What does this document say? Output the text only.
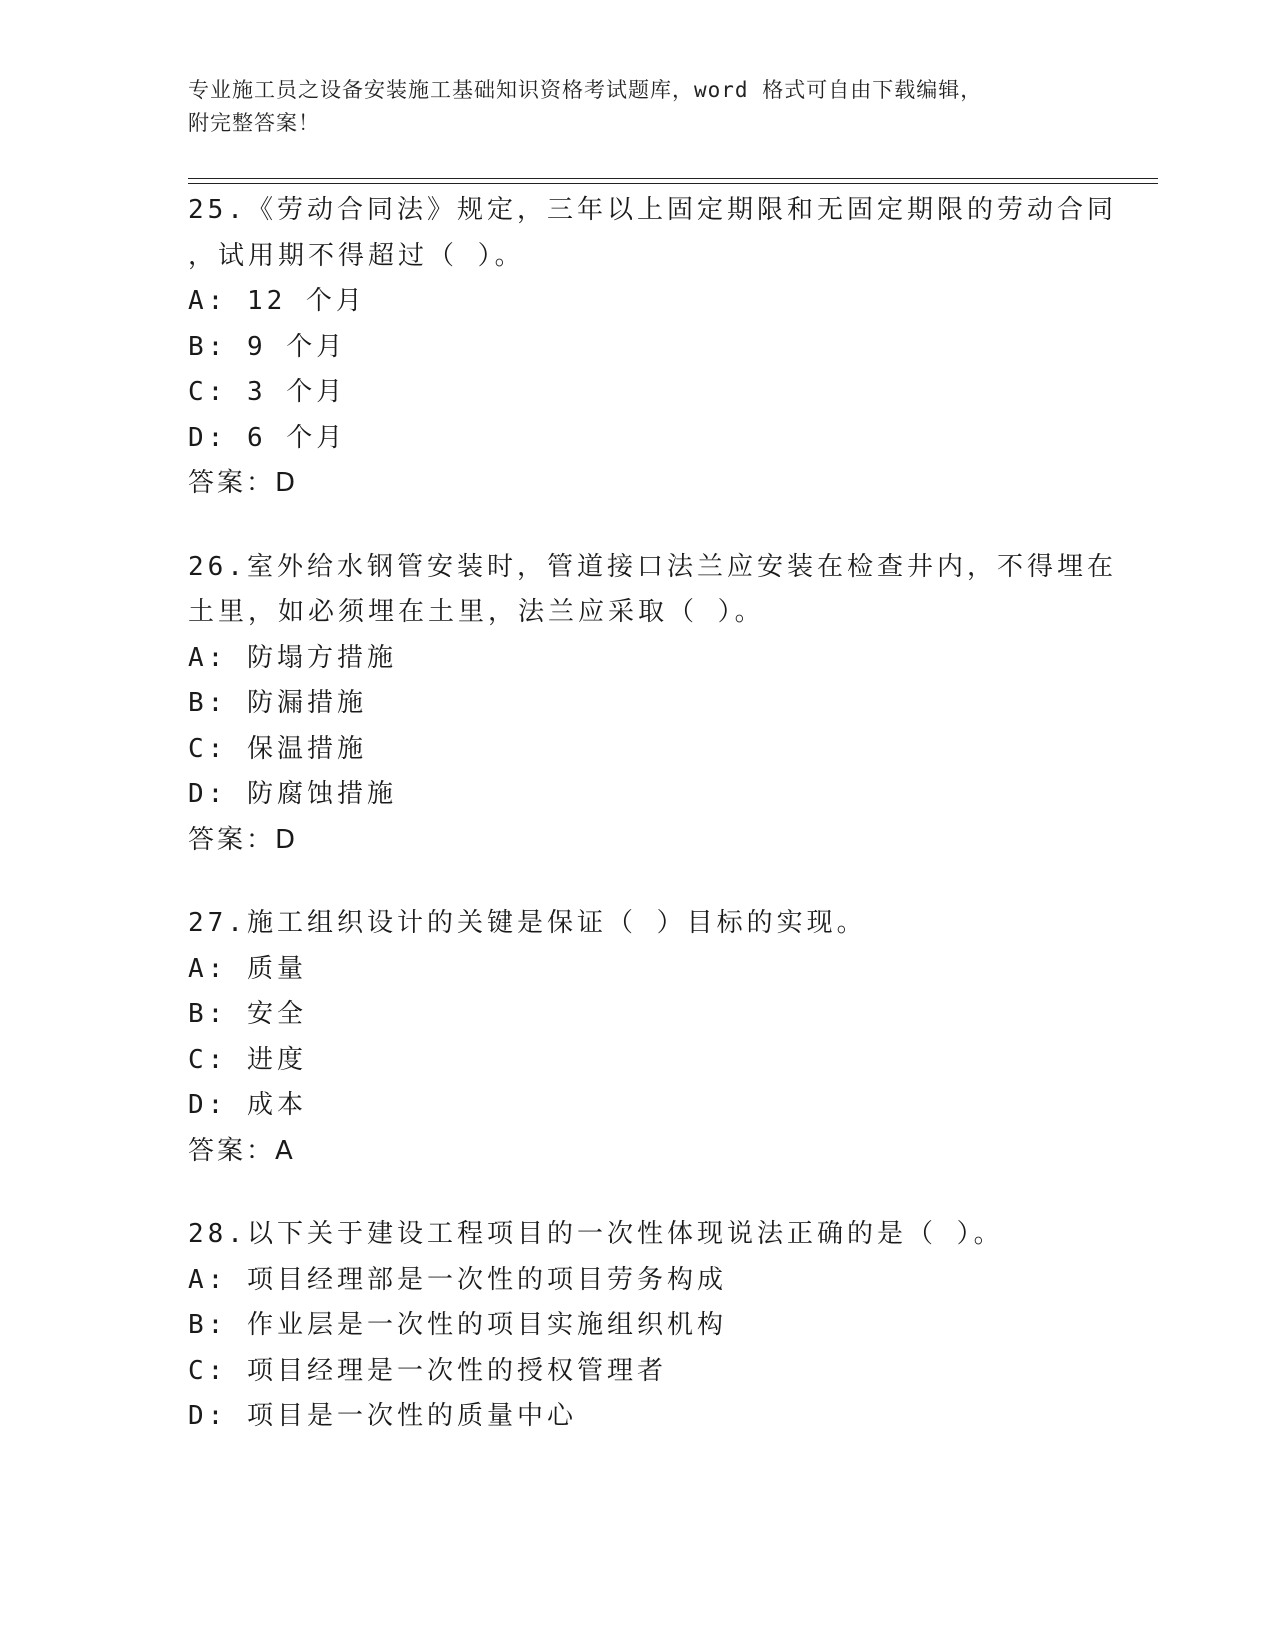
专业施工员之设备安装施工基础知识资格考试题库，word 格式可自由下载编辑，
附完整答案！
25.《劳动合同法》规定，三年以上固定期限和无固定期限的劳动合同
，试用期不得超过（ ）。
A: 12 个月
B: 9 个月
C: 3 个月
D: 6 个月
答案：D
26.室外给水钢管安装时，管道接口法兰应安装在检查井内，不得埋在
土里，如必须埋在土里，法兰应采取（ ）。
A: 防塌方措施
B: 防漏措施
C: 保温措施
D: 防腐蚀措施
答案：D
27.施工组织设计的关键是保证（ ）目标的实现。
A: 质量
B: 安全
C: 进度
D: 成本
答案：A
28.以下关于建设工程项目的一次性体现说法正确的是（ ）。
A: 项目经理部是一次性的项目劳务构成
B: 作业层是一次性的项目实施组织机构
C: 项目经理是一次性的授权管理者
D: 项目是一次性的质量中心
